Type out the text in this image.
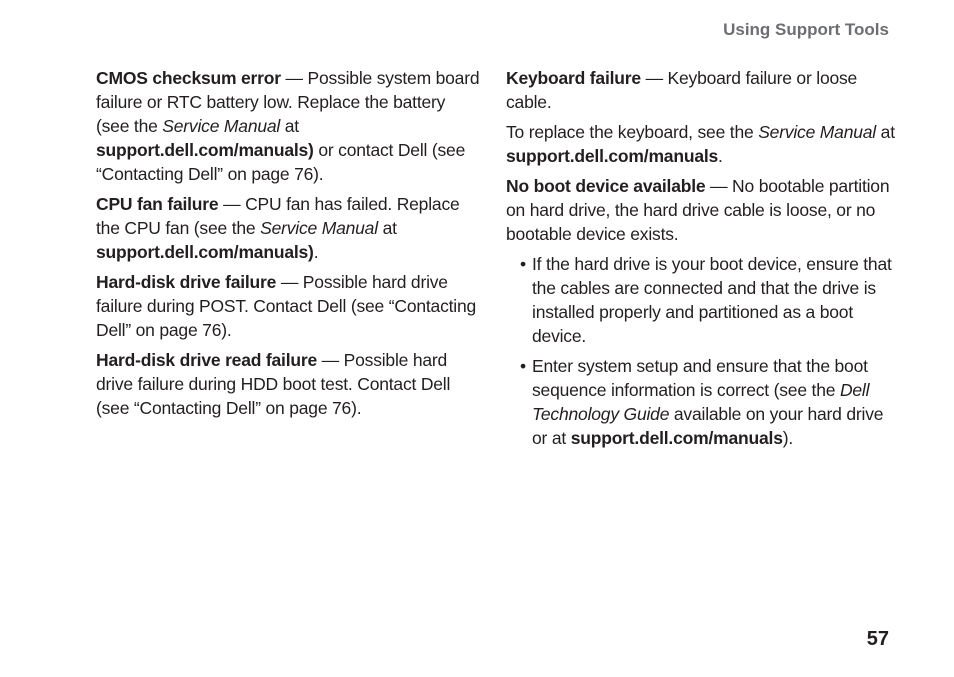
Using Support Tools

CMOS checksum error — Possible system board failure or RTC battery low. Replace the battery (see the Service Manual at support.dell.com/manuals) or contact Dell (see “Contacting Dell” on page 76).

CPU fan failure — CPU fan has failed. Replace the CPU fan (see the Service Manual at support.dell.com/manuals).

Hard-disk drive failure — Possible hard drive failure during POST. Contact Dell (see “Contacting Dell” on page 76).

Hard-disk drive read failure — Possible hard drive failure during HDD boot test. Contact Dell (see “Contacting Dell” on page 76).

Keyboard failure — Keyboard failure or loose cable.

To replace the keyboard, see the Service Manual at support.dell.com/manuals.

No boot device available — No bootable partition on hard drive, the hard drive cable is loose, or no bootable device exists.

• If the hard drive is your boot device, ensure that the cables are connected and that the drive is installed properly and partitioned as a boot device.
• Enter system setup and ensure that the boot sequence information is correct (see the Dell Technology Guide available on your hard drive or at support.dell.com/manuals).
57
